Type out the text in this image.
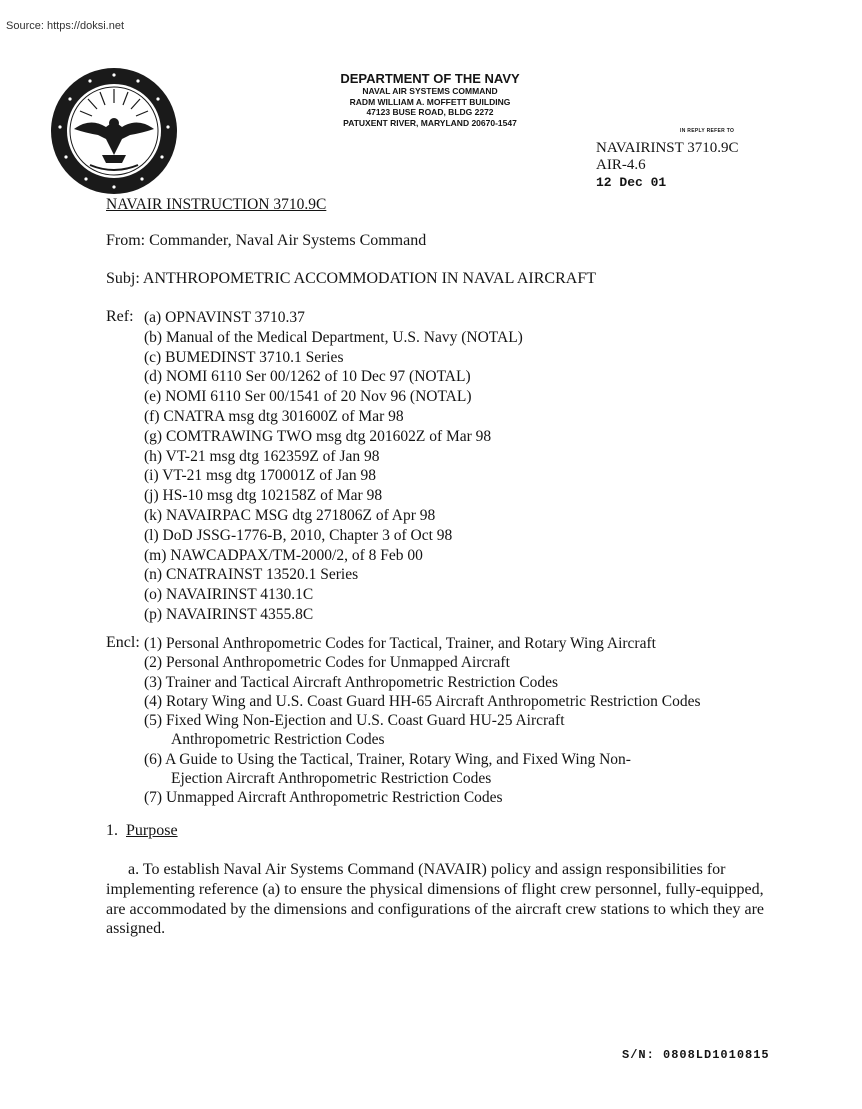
Source: https://doksi.net
DEPARTMENT OF THE NAVY
NAVAL AIR SYSTEMS COMMAND
RADM WILLIAM A. MOFFETT BUILDING
47123 BUSE ROAD, BLDG 2272
PATUXENT RIVER, MARYLAND 20670-1547
IN REPLY REFER TO
NAVAIRINST 3710.9C
AIR-4.6
12 Dec 01
NAVAIR INSTRUCTION 3710.9C
From: Commander, Naval Air Systems Command
Subj: ANTHROPOMETRIC ACCOMMODATION IN NAVAL AIRCRAFT
Ref: (a) OPNAVINST 3710.37
(b) Manual of the Medical Department, U.S. Navy (NOTAL)
(c) BUMEDINST 3710.1 Series
(d) NOMI 6110 Ser 00/1262 of 10 Dec 97 (NOTAL)
(e) NOMI 6110 Ser 00/1541 of 20 Nov 96 (NOTAL)
(f) CNATRA msg dtg 301600Z of Mar 98
(g) COMTRAWING TWO msg dtg 201602Z of Mar 98
(h) VT-21 msg dtg 162359Z of Jan 98
(i) VT-21 msg dtg 170001Z of Jan 98
(j) HS-10 msg dtg 102158Z of Mar 98
(k) NAVAIRPAC MSG dtg 271806Z of Apr 98
(l) DoD JSSG-1776-B, 2010, Chapter 3 of Oct 98
(m) NAWCADPAX/TM-2000/2, of 8 Feb 00
(n) CNATRAINST 13520.1 Series
(o) NAVAIRINST 4130.1C
(p) NAVAIRINST 4355.8C
Encl: (1) Personal Anthropometric Codes for Tactical, Trainer, and Rotary Wing Aircraft
(2) Personal Anthropometric Codes for Unmapped Aircraft
(3) Trainer and Tactical Aircraft Anthropometric Restriction Codes
(4) Rotary Wing and U.S. Coast Guard HH-65 Aircraft Anthropometric Restriction Codes
(5) Fixed Wing Non-Ejection and U.S. Coast Guard HU-25 Aircraft Anthropometric Restriction Codes
(6) A Guide to Using the Tactical, Trainer, Rotary Wing, and Fixed Wing Non-Ejection Aircraft Anthropometric Restriction Codes
(7) Unmapped Aircraft Anthropometric Restriction Codes
1. Purpose

a. To establish Naval Air Systems Command (NAVAIR) policy and assign responsibilities for implementing reference (a) to ensure the physical dimensions of flight crew personnel, fully-equipped, are accommodated by the dimensions and configurations of the aircraft crew stations to which they are assigned.

S/N: 0808LD1010815
